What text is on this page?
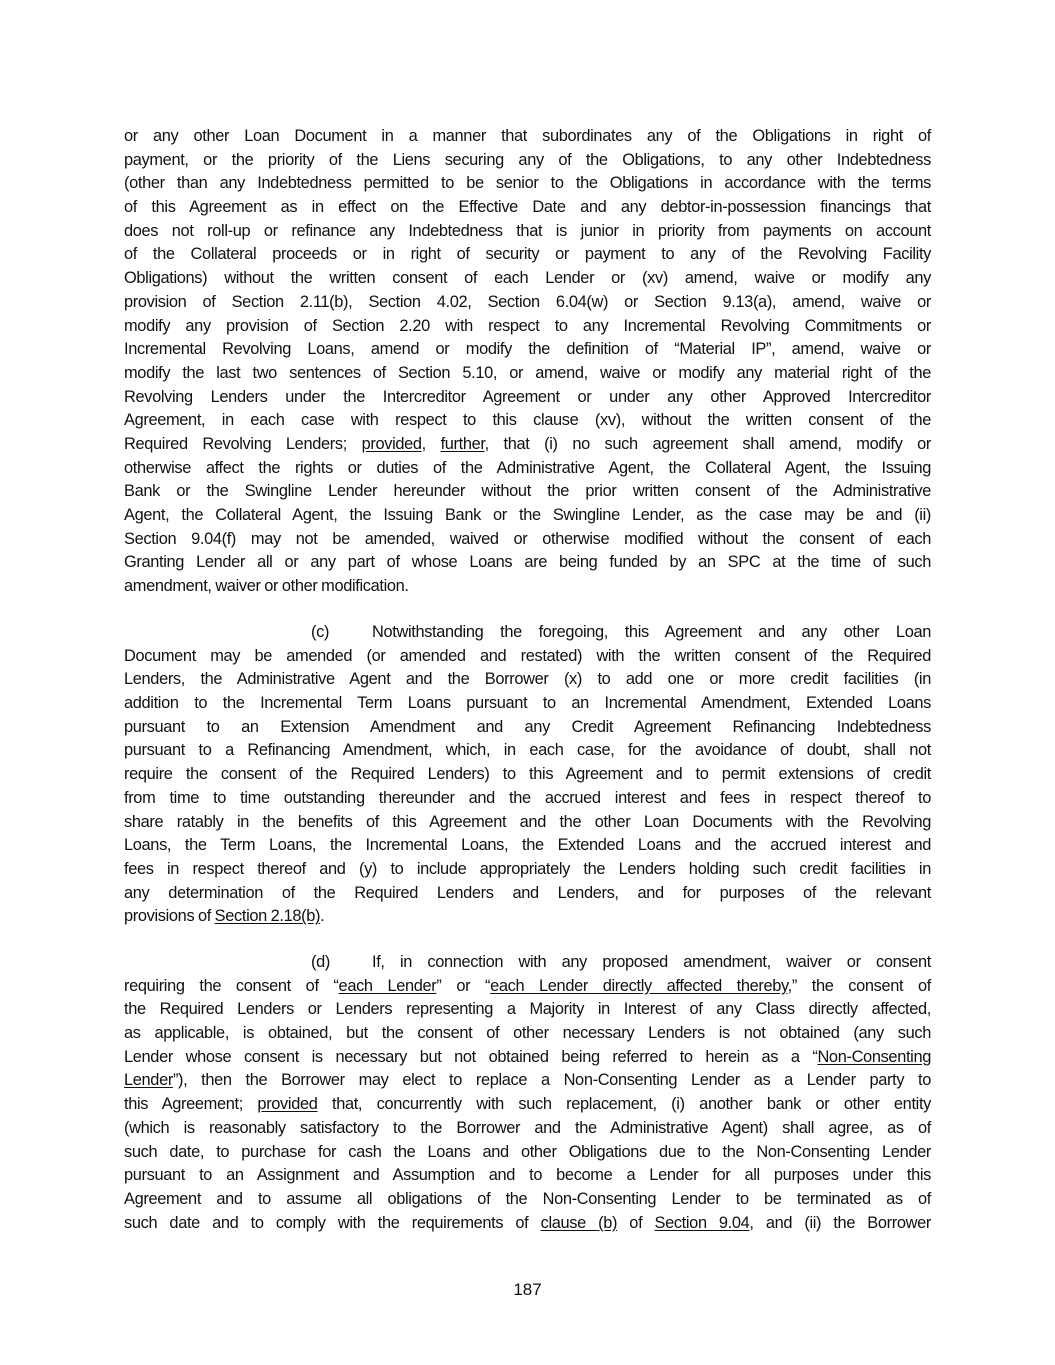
or any other Loan Document in a manner that subordinates any of the Obligations in right of
payment, or the priority of the Liens securing any of the Obligations, to any other Indebtedness
(other than any Indebtedness permitted to be senior to the Obligations in accordance with the terms
of this Agreement as in effect on the Effective Date and any debtor-in-possession financings that
does not roll-up or refinance any Indebtedness that is junior in priority from payments on account
of the Collateral proceeds or in right of security or payment to any of the Revolving Facility
Obligations) without the written consent of each Lender or (xv) amend, waive or modify any
provision of Section 2.11(b), Section 4.02, Section 6.04(w) or Section 9.13(a), amend, waive or
modify any provision of Section 2.20 with respect to any Incremental Revolving Commitments or
Incremental Revolving Loans, amend or modify the definition of “Material IP”, amend, waive or
modify the last two sentences of Section 5.10, or amend, waive or modify any material right of the
Revolving Lenders under the Intercreditor Agreement or under any other Approved Intercreditor
Agreement, in each case with respect to this clause (xv), without the written consent of the
Required Revolving Lenders; provided, further, that (i) no such agreement shall amend, modify or
otherwise affect the rights or duties of the Administrative Agent, the Collateral Agent, the Issuing
Bank or the Swingline Lender hereunder without the prior written consent of the Administrative
Agent, the Collateral Agent, the Issuing Bank or the Swingline Lender, as the case may be and (ii)
Section 9.04(f) may not be amended, waived or otherwise modified without the consent of each
Granting Lender all or any part of whose Loans are being funded by an SPC at the time of such
amendment, waiver or other modification.
(c)	Notwithstanding the foregoing, this Agreement and any other Loan
Document may be amended (or amended and restated) with the written consent of the Required
Lenders, the Administrative Agent and the Borrower (x) to add one or more credit facilities (in
addition to the Incremental Term Loans pursuant to an Incremental Amendment, Extended Loans
pursuant to an Extension Amendment and any Credit Agreement Refinancing Indebtedness
pursuant to a Refinancing Amendment, which, in each case, for the avoidance of doubt, shall not
require the consent of the Required Lenders) to this Agreement and to permit extensions of credit
from time to time outstanding thereunder and the accrued interest and fees in respect thereof to
share ratably in the benefits of this Agreement and the other Loan Documents with the Revolving
Loans, the Term Loans, the Incremental Loans, the Extended Loans and the accrued interest and
fees in respect thereof and (y) to include appropriately the Lenders holding such credit facilities in
any determination of the Required Lenders and Lenders, and for purposes of the relevant
provisions of Section 2.18(b).
(d)	If, in connection with any proposed amendment, waiver or consent
requiring the consent of “each Lender” or “each Lender directly affected thereby,” the consent of
the Required Lenders or Lenders representing a Majority in Interest of any Class directly affected,
as applicable, is obtained, but the consent of other necessary Lenders is not obtained (any such
Lender whose consent is necessary but not obtained being referred to herein as a “Non-Consenting
Lender”), then the Borrower may elect to replace a Non-Consenting Lender as a Lender party to
this Agreement; provided that, concurrently with such replacement, (i) another bank or other entity
(which is reasonably satisfactory to the Borrower and the Administrative Agent) shall agree, as of
such date, to purchase for cash the Loans and other Obligations due to the Non-Consenting Lender
pursuant to an Assignment and Assumption and to become a Lender for all purposes under this
Agreement and to assume all obligations of the Non-Consenting Lender to be terminated as of
such date and to comply with the requirements of clause (b) of Section 9.04, and (ii) the Borrower
187
